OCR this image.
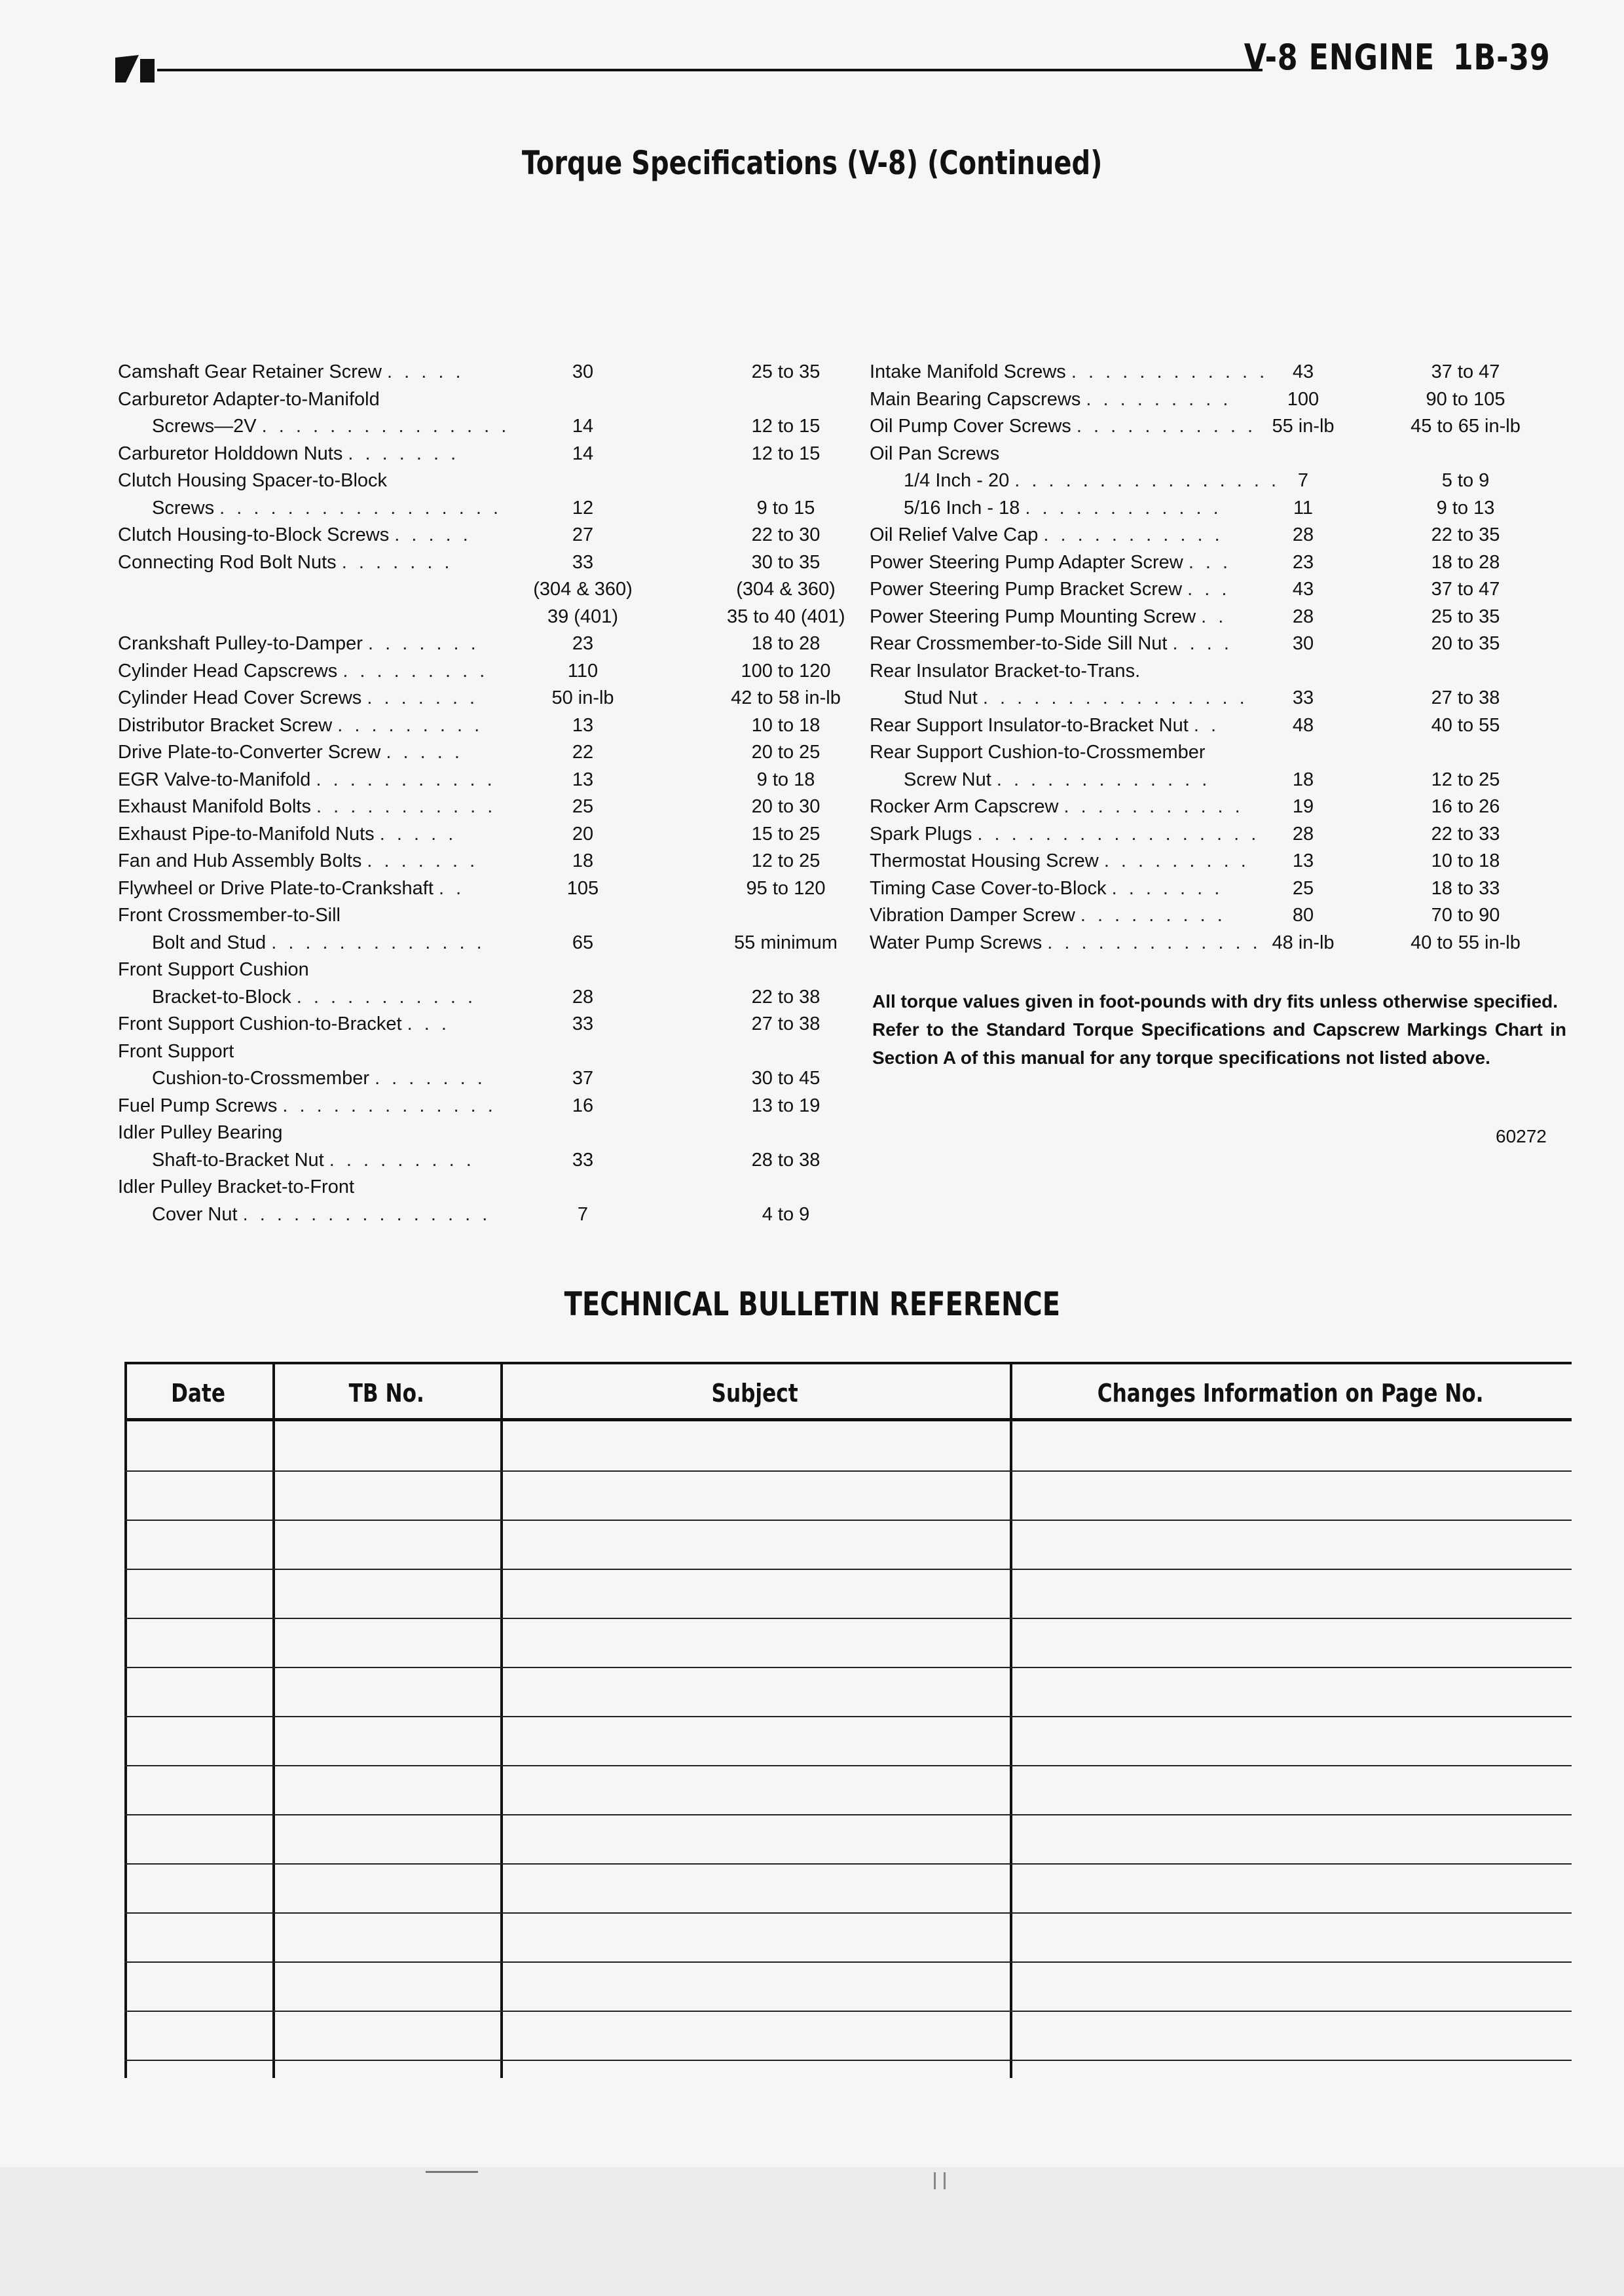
V-8 ENGINE 1B-39
Torque Specifications (V-8) (Continued)
Camshaft Gear Retainer Screw . . . . .	30	25 to 35
Carburetor Adapter-to-Manifold
Screws—2V . . . . . . . . . . . . . . .	14	12 to 15
Carburetor Holddown Nuts . . . . . . .	14	12 to 15
Clutch Housing Spacer-to-Block
Screws . . . . . . . . . . . . . . . . .	12	9 to 15
Clutch Housing-to-Block Screws . . . . .	27	22 to 30
Connecting Rod Bolt Nuts . . . . . . .	33	30 to 35
(304 & 360)	(304 & 360)
39 (401)	35 to 40 (401)
Crankshaft Pulley-to-Damper . . . . . . .	23	18 to 28
Cylinder Head Capscrews . . . . . . . . .	110	100 to 120
Cylinder Head Cover Screws . . . . . . .	50 in-lb	42 to 58 in-lb
Distributor Bracket Screw . . . . . . . . .	13	10 to 18
Drive Plate-to-Converter Screw . . . . .	22	20 to 25
EGR Valve-to-Manifold . . . . . . . . . . .	13	9 to 18
Exhaust Manifold Bolts . . . . . . . . . . .	25	20 to 30
Exhaust Pipe-to-Manifold Nuts . . . . .	20	15 to 25
Fan and Hub Assembly Bolts . . . . . . .	18	12 to 25
Flywheel or Drive Plate-to-Crankshaft . .	105	95 to 120
Front Crossmember-to-Sill
Bolt and Stud . . . . . . . . . . . . .	65	55 minimum
Front Support Cushion
Bracket-to-Block . . . . . . . . . . .	28	22 to 38
Front Support Cushion-to-Bracket . . .	33	27 to 38
Front Support
Cushion-to-Crossmember . . . . . . .	37	30 to 45
Fuel Pump Screws . . . . . . . . . . . . .	16	13 to 19
Idler Pulley Bearing
Shaft-to-Bracket Nut . . . . . . . . .	33	28 to 38
Idler Pulley Bracket-to-Front
Cover Nut . . . . . . . . . . . . . . .	7	4 to 9
Intake Manifold Screws . . . . . . . . . . . .	43	37 to 47
Main Bearing Capscrews . . . . . . . . .	100	90 to 105
Oil Pump Cover Screws . . . . . . . . . . . 55 in-lb	45 to 65 in-lb
Oil Pan Screws
1/4 Inch - 20 . . . . . . . . . . . . . . . . 7	5 to 9
5/16 Inch - 18 . . . . . . . . . . . .	11	9 to 13
Oil Relief Valve Cap . . . . . . . . . . .	28	22 to 35
Power Steering Pump Adapter Screw . . .	23	18 to 28
Power Steering Pump Bracket Screw . . .	43	37 to 47
Power Steering Pump Mounting Screw . .	28	25 to 35
Rear Crossmember-to-Side Sill Nut . . . .	30	20 to 35
Rear Insulator Bracket-to-Trans.
Stud Nut . . . . . . . . . . . . . . . .	33	27 to 38
Rear Support Insulator-to-Bracket Nut . .	48	40 to 55
Rear Support Cushion-to-Crossmember
Screw Nut . . . . . . . . . . . . .	18	12 to 25
Rocker Arm Capscrew . . . . . . . . . . .	19	16 to 26
Spark Plugs . . . . . . . . . . . . . . . . .	28	22 to 33
Thermostat Housing Screw . . . . . . . . .	13	10 to 18
Timing Case Cover-to-Block . . . . . . .	25	18 to 33
Vibration Damper Screw . . . . . . . . .	80	70 to 90
Water Pump Screws . . . . . . . . . . . . . 48 in-lb	40 to 55 in-lb

All torque values given in foot-pounds with dry fits unless otherwise specified.

Refer to the Standard Torque Specifications and Capscrew Markings Chart in Section A of this manual for any torque specifications not listed above.

60272
TECHNICAL BULLETIN REFERENCE
Date	TB No.	Subject	Changes Information on Page No.
